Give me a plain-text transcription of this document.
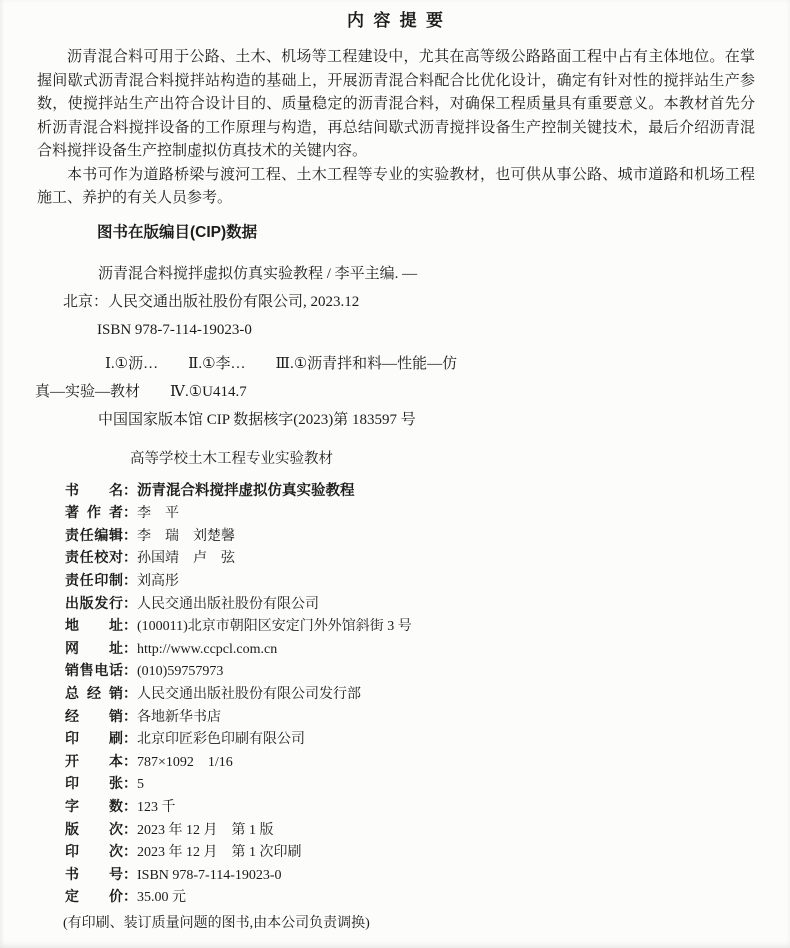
内容提要

沥青混合料可用于公路、土木、机场等工程建设中，尤其在高等级公路路面工程中占有主体地位。在掌握间歇式沥青混合料搅拌站构造的基础上，开展沥青混合料配合比优化设计，确定有针对性的搅拌站生产参数，使搅拌站生产出符合设计目的、质量稳定的沥青混合料，对确保工程质量具有重要意义。本教材首先分析沥青混合料搅拌设备的工作原理与构造，再总结间歇式沥青搅拌设备生产控制关键技术，最后介绍沥青混合料搅拌设备生产控制虚拟仿真技术的关键内容。

本书可作为道路桥梁与渡河工程、土木工程等专业的实验教材，也可供从事公路、城市道路和机场工程施工、养护的有关人员参考。

图书在版编目(CIP)数据
沥青混合料搅拌虚拟仿真实验教程 / 李平主编. —
北京：人民交通出版社股份有限公司, 2023.12
ISBN 978-7-114-19023-0
Ⅰ.①沥…　　Ⅱ.①李…　　Ⅲ.①沥青拌和料—性能—仿
真—实验—教材　　Ⅳ.①U414.7
中国国家版本馆 CIP 数据核字(2023)第 183597 号
高等学校土木工程专业实验教材
书名：沥青混合料搅拌虚拟仿真实验教程
著作者：李　平
责任编辑：李　瑞　刘楚馨
责任校对：孙国靖　卢　弦
责任印制：刘高彤
出版发行：人民交通出版社股份有限公司
地址：(100011)北京市朝阳区安定门外外馆斜街 3 号
网址：http://www.ccpcl.com.cn
销售电话：(010)59757973
总经销：人民交通出版社股份有限公司发行部
经销：各地新华书店
印刷：北京印匠彩色印刷有限公司
开本：787×1092　1/16
印张：5
字数：123 千
版次：2023 年 12 月　第 1 版
印次：2023 年 12 月　第 1 次印刷
书号：ISBN 978-7-114-19023-0
定价：35.00 元
(有印刷、装订质量问题的图书,由本公司负责调换)
